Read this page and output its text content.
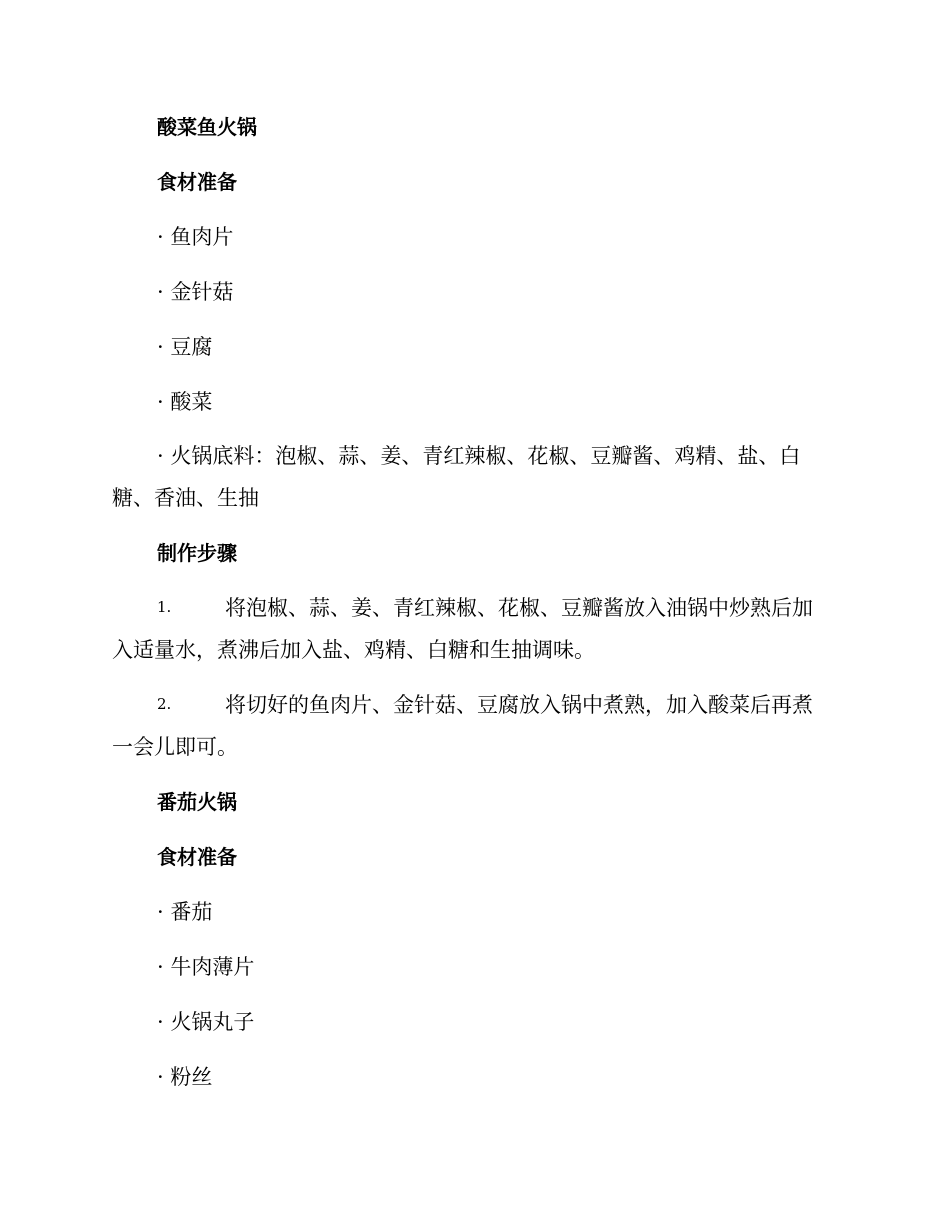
酸菜鱼火锅
食材准备
· 鱼肉片
· 金针菇
· 豆腐
· 酸菜
· 火锅底料：泡椒、蒜、姜、青红辣椒、花椒、豆瓣酱、鸡精、盐、白
糖、香油、生抽
制作步骤
1.	将泡椒、蒜、姜、青红辣椒、花椒、豆瓣酱放入油锅中炒熟后加
入适量水，煮沸后加入盐、鸡精、白糖和生抽调味。
2.	将切好的鱼肉片、金针菇、豆腐放入锅中煮熟，加入酸菜后再煮
一会儿即可。
番茄火锅
食材准备
· 番茄
· 牛肉薄片
· 火锅丸子
· 粉丝
